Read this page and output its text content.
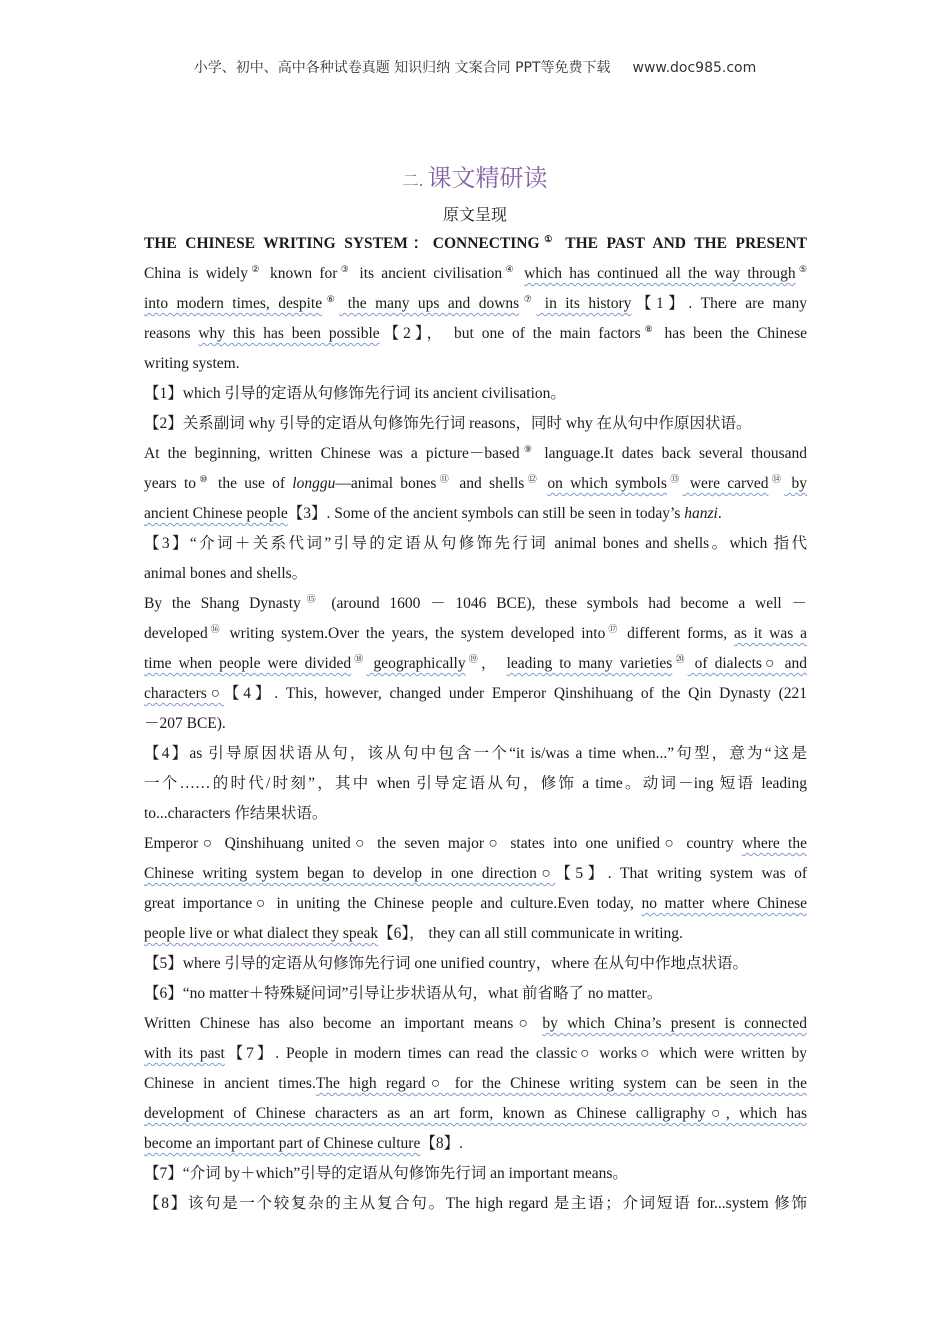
小学、初中、高中各种试卷真题 知识归纳 文案合同 PPT等免费下载 www.doc985.com
二. 课文精研读
原文呈现
THE CHINESE WRITING SYSTEM：CONNECTING① THE PAST AND THE PRESENT
China is widely② known for③ its ancient civilisation④ which has continued all the way through⑤
into modern times, despite⑥ the many ups and downs⑦ in its history【1】. There are many
reasons why this has been possible【2】， but one of the main factors⑧ has been the Chinese
writing system.
【1】which 引导的定语从句修饰先行词 its ancient civilisation。
【2】关系副词 why 引导的定语从句修饰先行词 reasons，同时 why 在从句中作原因状语。
At the beginning, written Chinese was a picture－based⑨ language.It dates back several thousand
years to⑩ the use of longgu—animal bones⑪ and shells⑫ on which symbols⑬ were carved⑭ by
ancient Chinese people【3】. Some of the ancient symbols can still be seen in today’s hanzi.
【3】“介词＋关系代词”引导的定语从句修饰先行词 animal bones and shells。which 指代
animal bones and shells。
By the Shang Dynasty⑮ (around 1600 － 1046 BCE), these symbols had become a well －
developed⑯ writing system.Over the years, the system developed into⑰ different forms, as it was a
time when people were divided⑱ geographically⑲， leading to many varieties⑳ of dialects○ and
characters○【4】. This, however, changed under Emperor Qinshihuang of the Qin Dynasty (221
－207 BCE).
【4】as 引导原因状语从句，该从句中包含一个“it is/was a time when...”句型，意为“这是
一个……的时代/时刻”，其中 when 引导定语从句，修饰 a time。动词－ing 短语 leading
to...characters 作结果状语。
Emperor○ Qinshihuang united○ the seven major○ states into one unified○ country where the
Chinese writing system began to develop in one direction○【5】. That writing system was of
great importance○ in uniting the Chinese people and culture.Even today, no matter where Chinese
people live or what dialect they speak【6】， they can all still communicate in writing.
【5】where 引导的定语从句修饰先行词 one unified country，where 在从句中作地点状语。
【6】“no matter＋特殊疑问词”引导让步状语从句，what 前省略了 no matter。
Written Chinese has also become an important means○ by which China’s present is connected
with its past【7】. People in modern times can read the classic○ works○ which were written by
Chinese in ancient times.The high regard○ for the Chinese writing system can be seen in the
development of Chinese characters as an art form, known as Chinese calligraphy○, which has
become an important part of Chinese culture【8】.
【7】“介词 by＋which”引导的定语从句修饰先行词 an important means。
【8】该句是一个较复杂的主从复合句。The high regard 是主语；介词短语 for...system 修饰
